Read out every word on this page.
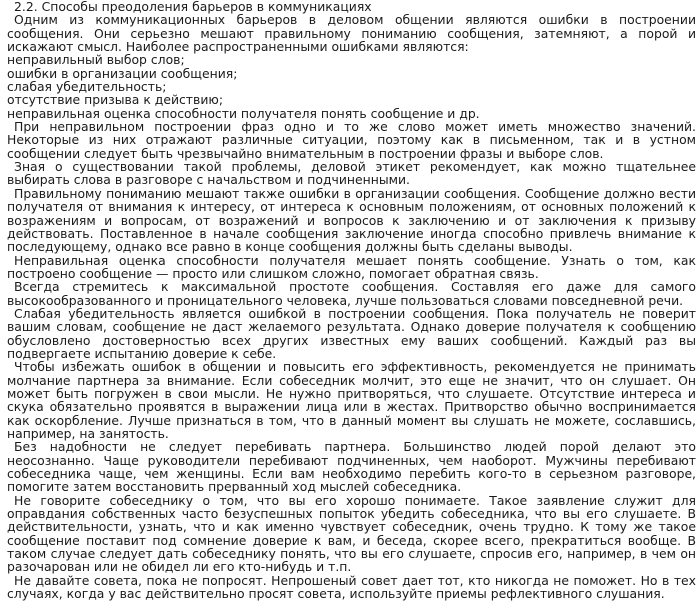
2.2. Способы преодоления барьеров в коммуникациях

Одним из коммуникационных барьеров в деловом общении являются ошибки в построении сообщения. Они серьезно мешают правильному пониманию сообщения, затемняют, а порой и искажают смысл. Наиболее распространенными ошибками являются:

неправильный выбор слов;

ошибки в организации сообщения;

слабая убедительность;

отсутствие призыва к действию;

неправильная оценка способности получателя понять сообщение и др.

При неправильном построении фраз одно и то же слово может иметь множество значений. Некоторые из них отражают различные ситуации, поэтому как в письменном, так и в устном сообщении следует быть чрезвычайно внимательным в построении фразы и выборе слов.

Зная о существовании такой проблемы, деловой этикет рекомендует, как можно тщательнее выбирать слова в разговоре с начальством и подчиненными.

Правильному пониманию мешают также ошибки в организации сообщения. Сообщение должно вести получателя от внимания к интересу, от интереса к основным положениям, от основных положений к возражениям и вопросам, от возражений и вопросов к заключению и от заключения к призыву действовать. Поставленное в начале сообщения заключение иногда способно привлечь внимание к последующему, однако все равно в конце сообщения должны быть сделаны выводы.

Неправильная оценка способности получателя мешает понять сообщение. Узнать о том, как построено сообщение — просто или слишком сложно, помогает обратная связь.

Всегда стремитесь к максимальной простоте сообщения. Составляя его даже для самого высокообразованного и проницательного человека, лучше пользоваться словами повседневной речи.

Слабая убедительность является ошибкой в построении сообщения. Пока получатель не поверит вашим словам, сообщение не даст желаемого результата. Однако доверие получателя к сообщению обусловлено достоверностью всех других известных ему ваших сообщений. Каждый раз вы подвергаете испытанию доверие к себе.

Чтобы избежать ошибок в общении и повысить его эффективность, рекомендуется не принимать молчание партнера за внимание. Если собеседник молчит, это еще не значит, что он слушает. Он может быть погружен в свои мысли. Не нужно притворяться, что слушаете. Отсутствие интереса и скука обязательно проявятся в выражении лица или в жестах. Притворство обычно воспринимается как оскорбление. Лучше признаться в том, что в данный момент вы слушать не можете, сославшись, например, на занятость.

Без надобности не следует перебивать партнера. Большинство людей порой делают это неосознанно. Чаще руководители перебивают подчиненных, чем наоборот. Мужчины перебивают собеседника чаще, чем женщины. Если вам необходимо перебить кого-то в серьезном разговоре, помогите затем восстановить прерванный ход мыслей собеседника.

Не говорите собеседнику о том, что вы его хорошо понимаете. Такое заявление служит для оправдания собственных часто безуспешных попыток убедить собеседника, что вы его слушаете. В действительности, узнать, что и как именно чувствует собеседник, очень трудно. К тому же такое сообщение поставит под сомнение доверие к вам, и беседа, скорее всего, прекратиться вообще. В таком случае следует дать собеседнику понять, что вы его слушаете, спросив его, например, в чем он разочарован или не обидел ли его кто-нибудь и т.п.

Не давайте совета, пока не попросят. Непрошеный совет дает тот, кто никогда не поможет. Но в тех случаях, когда у вас действительно просят совета, используйте приемы рефлективного слушания.
